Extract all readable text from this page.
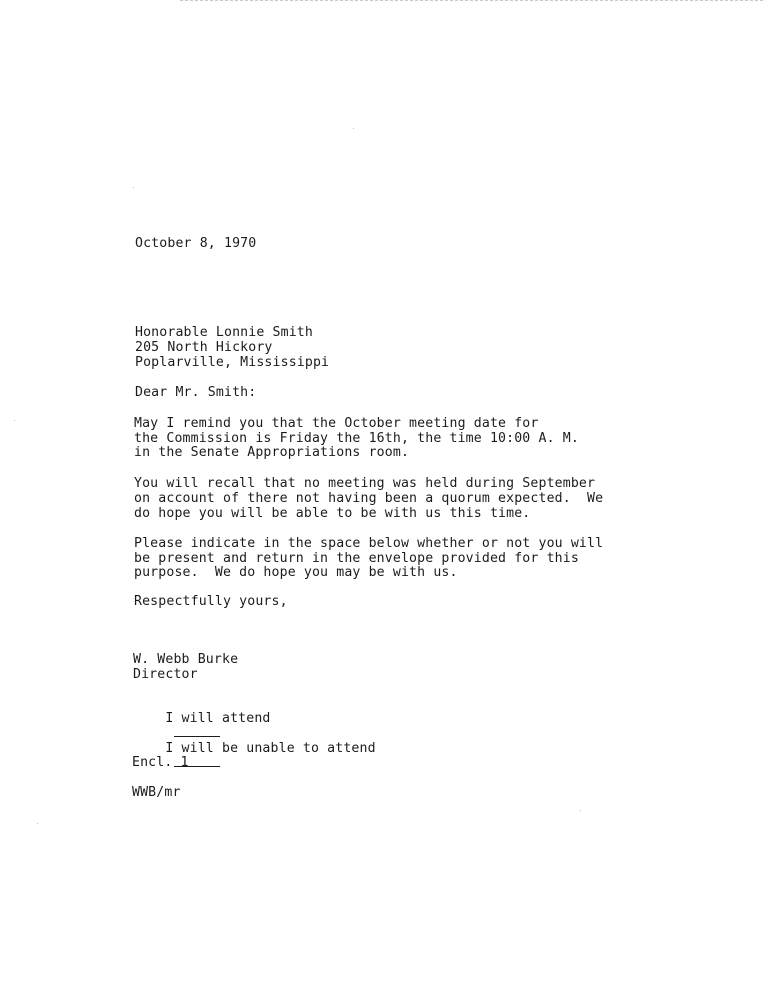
October 8, 1970
Honorable Lonnie Smith
205 North Hickory
Poplarville, Mississippi
Dear Mr. Smith:
May I remind you that the October meeting date for
the Commission is Friday the 16th, the time 10:00 A. M.
in the Senate Appropriations room.
You will recall that no meeting was held during September
on account of there not having been a quorum expected.  We
do hope you will be able to be with us this time.
Please indicate in the space below whether or not you will
be present and return in the envelope provided for this
purpose.  We do hope you may be with us.
Respectfully yours,
W. Webb Burke
Director

I will attend

I will be unable to attend

Encl. 1
WWB/mr
